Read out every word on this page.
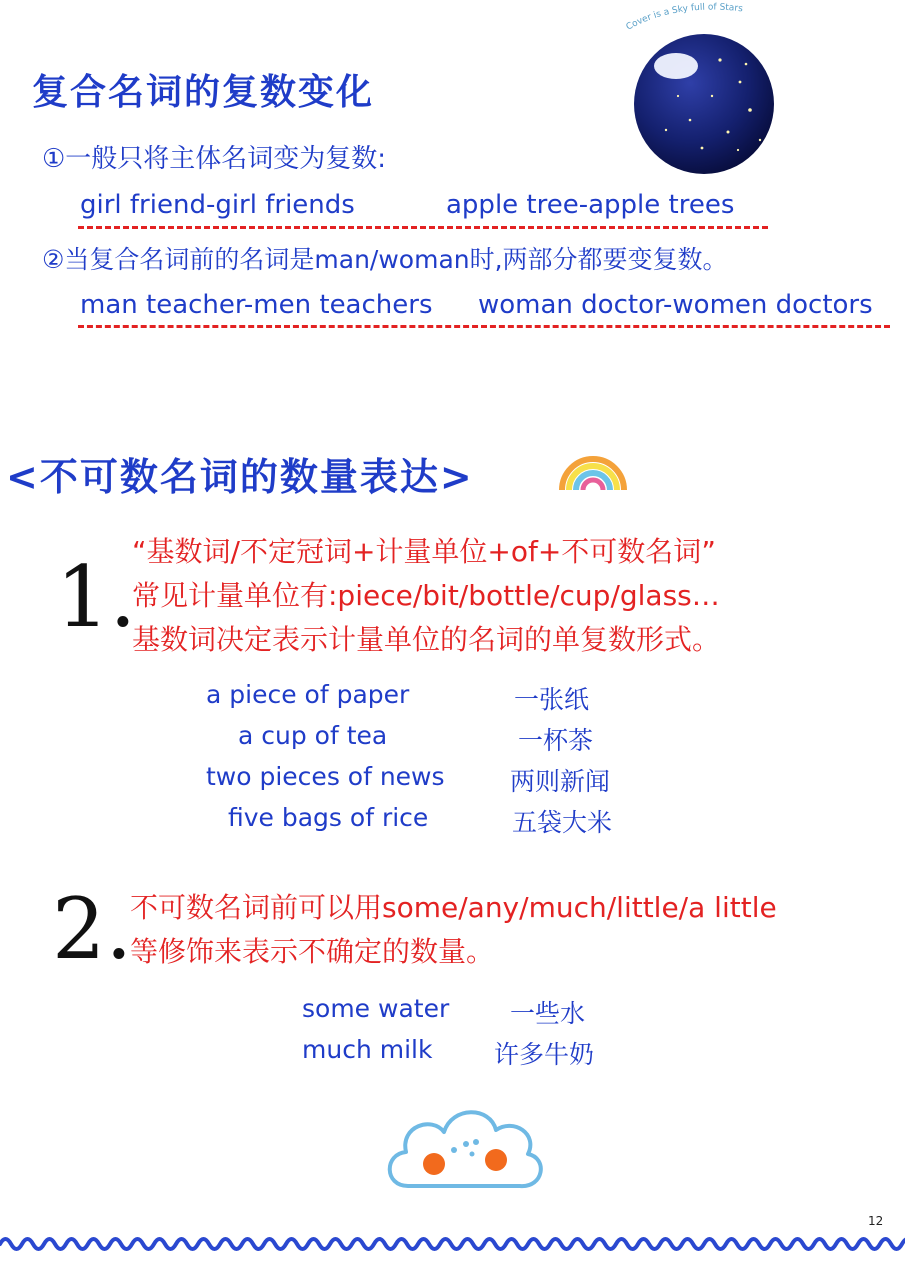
复合名词的复数变化
①一般只将主体名词变为复数:
girl friend-girl friends	apple tree-apple trees
②当复合名词前的名词是man/woman时,两部分都要变复数。
man teacher-men teachers woman doctor-women doctors
Cover is a Sky full of Stars
<不可数名词的数量表达>
1.
“基数词/不定冠词+计量单位+of+不可数名词”
常见计量单位有:piece/bit/bottle/cup/glass…
基数词决定表示计量单位的名词的单复数形式。
a piece of paper	一张纸
a cup of tea	一杯茶
two pieces of news	两则新闻
five bags of rice	五袋大米
2.
不可数名词前可以用some/any/much/little/a little
等修饰来表示不确定的数量。
some water 一些水
much milk 许多牛奶
12
